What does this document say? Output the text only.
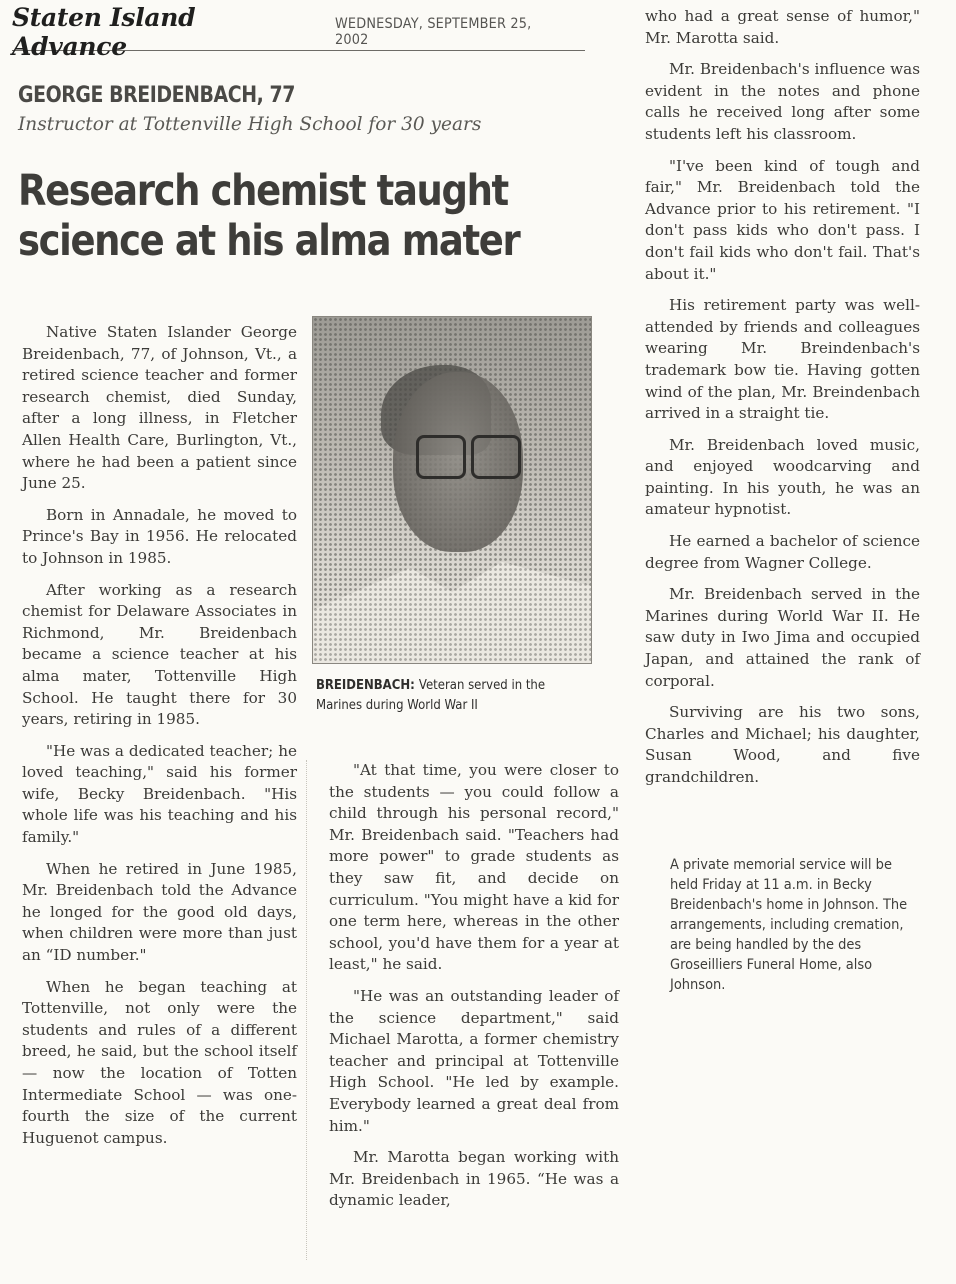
Staten Island Advance
WEDNESDAY, SEPTEMBER 25, 2002
GEORGE BREIDENBACH, 77
Instructor at Tottenville High School for 30 years
Research chemist taught science at his alma mater

Native Staten Islander George Breidenbach, 77, of Johnson, Vt., a retired science teacher and former research chemist, died Sunday, after a long illness, in Fletcher Allen Health Care, Burlington, Vt., where he had been a patient since June 25.

Born in Annadale, he moved to Prince's Bay in 1956. He relocated to Johnson in 1985.

After working as a research chemist for Delaware Associates in Richmond, Mr. Breidenbach became a science teacher at his alma mater, Tottenville High School. He taught there for 30 years, retiring in 1985.

"He was a dedicated teacher; he loved teaching," said his former wife, Becky Breidenbach. "His whole life was his teaching and his family."

When he retired in June 1985, Mr. Breidenbach told the Advance he longed for the good old days, when children were more than just an “ID number."

When he began teaching at Tottenville, not only were the students and rules of a different breed, he said, but the school itself — now the location of Totten Intermediate School — was one-fourth the size of the current Huguenot campus.

BREIDENBACH: Veteran served in the Marines during World War II

"At that time, you were closer to the students — you could follow a child through his personal record," Mr. Breidenbach said. "Teachers had more power" to grade students as they saw fit, and decide on curriculum. "You might have a kid for one term here, whereas in the other school, you'd have them for a year at least," he said.

"He was an outstanding leader of the science department," said Michael Marotta, a former chemistry teacher and principal at Tottenville High School. "He led by example. Everybody learned a great deal from him."

Mr. Marotta began working with Mr. Breidenbach in 1965. “He was a dynamic leader,

who had a great sense of humor," Mr. Marotta said.

Mr. Breidenbach's influence was evident in the notes and phone calls he received long after some students left his classroom.

"I've been kind of tough and fair," Mr. Breidenbach told the Advance prior to his retirement. "I don't pass kids who don't pass. I don't fail kids who don't fail. That's about it."

His retirement party was well-attended by friends and colleagues wearing Mr. Breindenbach's trademark bow tie. Having gotten wind of the plan, Mr. Breindenbach arrived in a straight tie.

Mr. Breidenbach loved music, and enjoyed woodcarving and painting. In his youth, he was an amateur hypnotist.

He earned a bachelor of science degree from Wagner College.

Mr. Breidenbach served in the Marines during World War II. He saw duty in Iwo Jima and occupied Japan, and attained the rank of corporal.

Surviving are his two sons, Charles and Michael; his daughter, Susan Wood, and five grandchildren.

A private memorial service will be held Friday at 11 a.m. in Becky Breidenbach's home in Johnson. The arrangements, including cremation, are being handled by the des Groseilliers Funeral Home, also Johnson.
